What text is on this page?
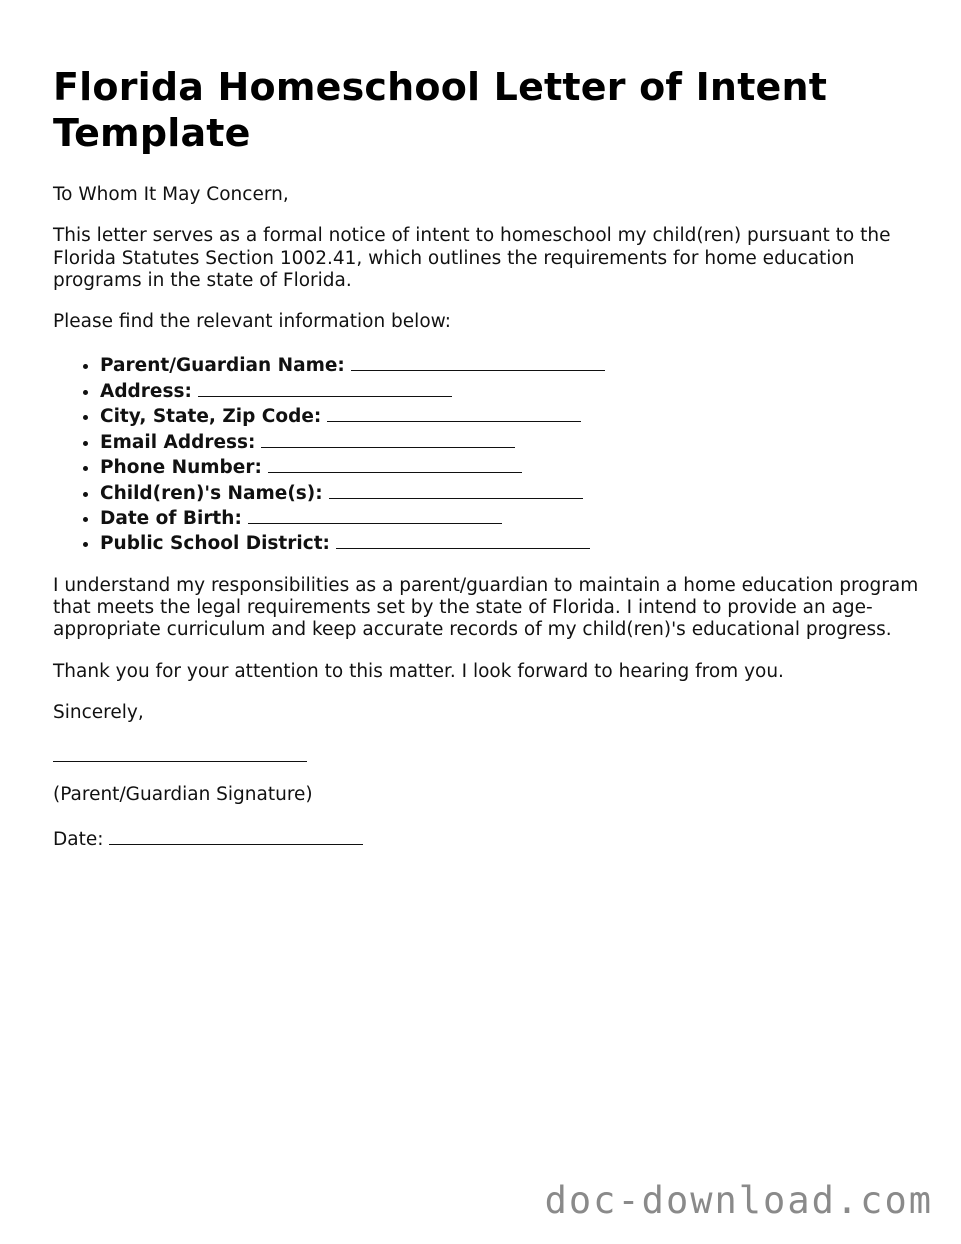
Florida Homeschool Letter of Intent Template

To Whom It May Concern,

This letter serves as a formal notice of intent to homeschool my child(ren) pursuant to the Florida Statutes Section 1002.41, which outlines the requirements for home education programs in the state of Florida.

Please find the relevant information below:

• Parent/Guardian Name:
• Address:
• City, State, Zip Code:
• Email Address:
• Phone Number:
• Child(ren)'s Name(s):
• Date of Birth:
• Public School District:

I understand my responsibilities as a parent/guardian to maintain a home education program that meets the legal requirements set by the state of Florida. I intend to provide an age-appropriate curriculum and keep accurate records of my child(ren)'s educational progress.

Thank you for your attention to this matter. I look forward to hearing from you.

Sincerely,

(Parent/Guardian Signature)

Date:

doc-download.com
